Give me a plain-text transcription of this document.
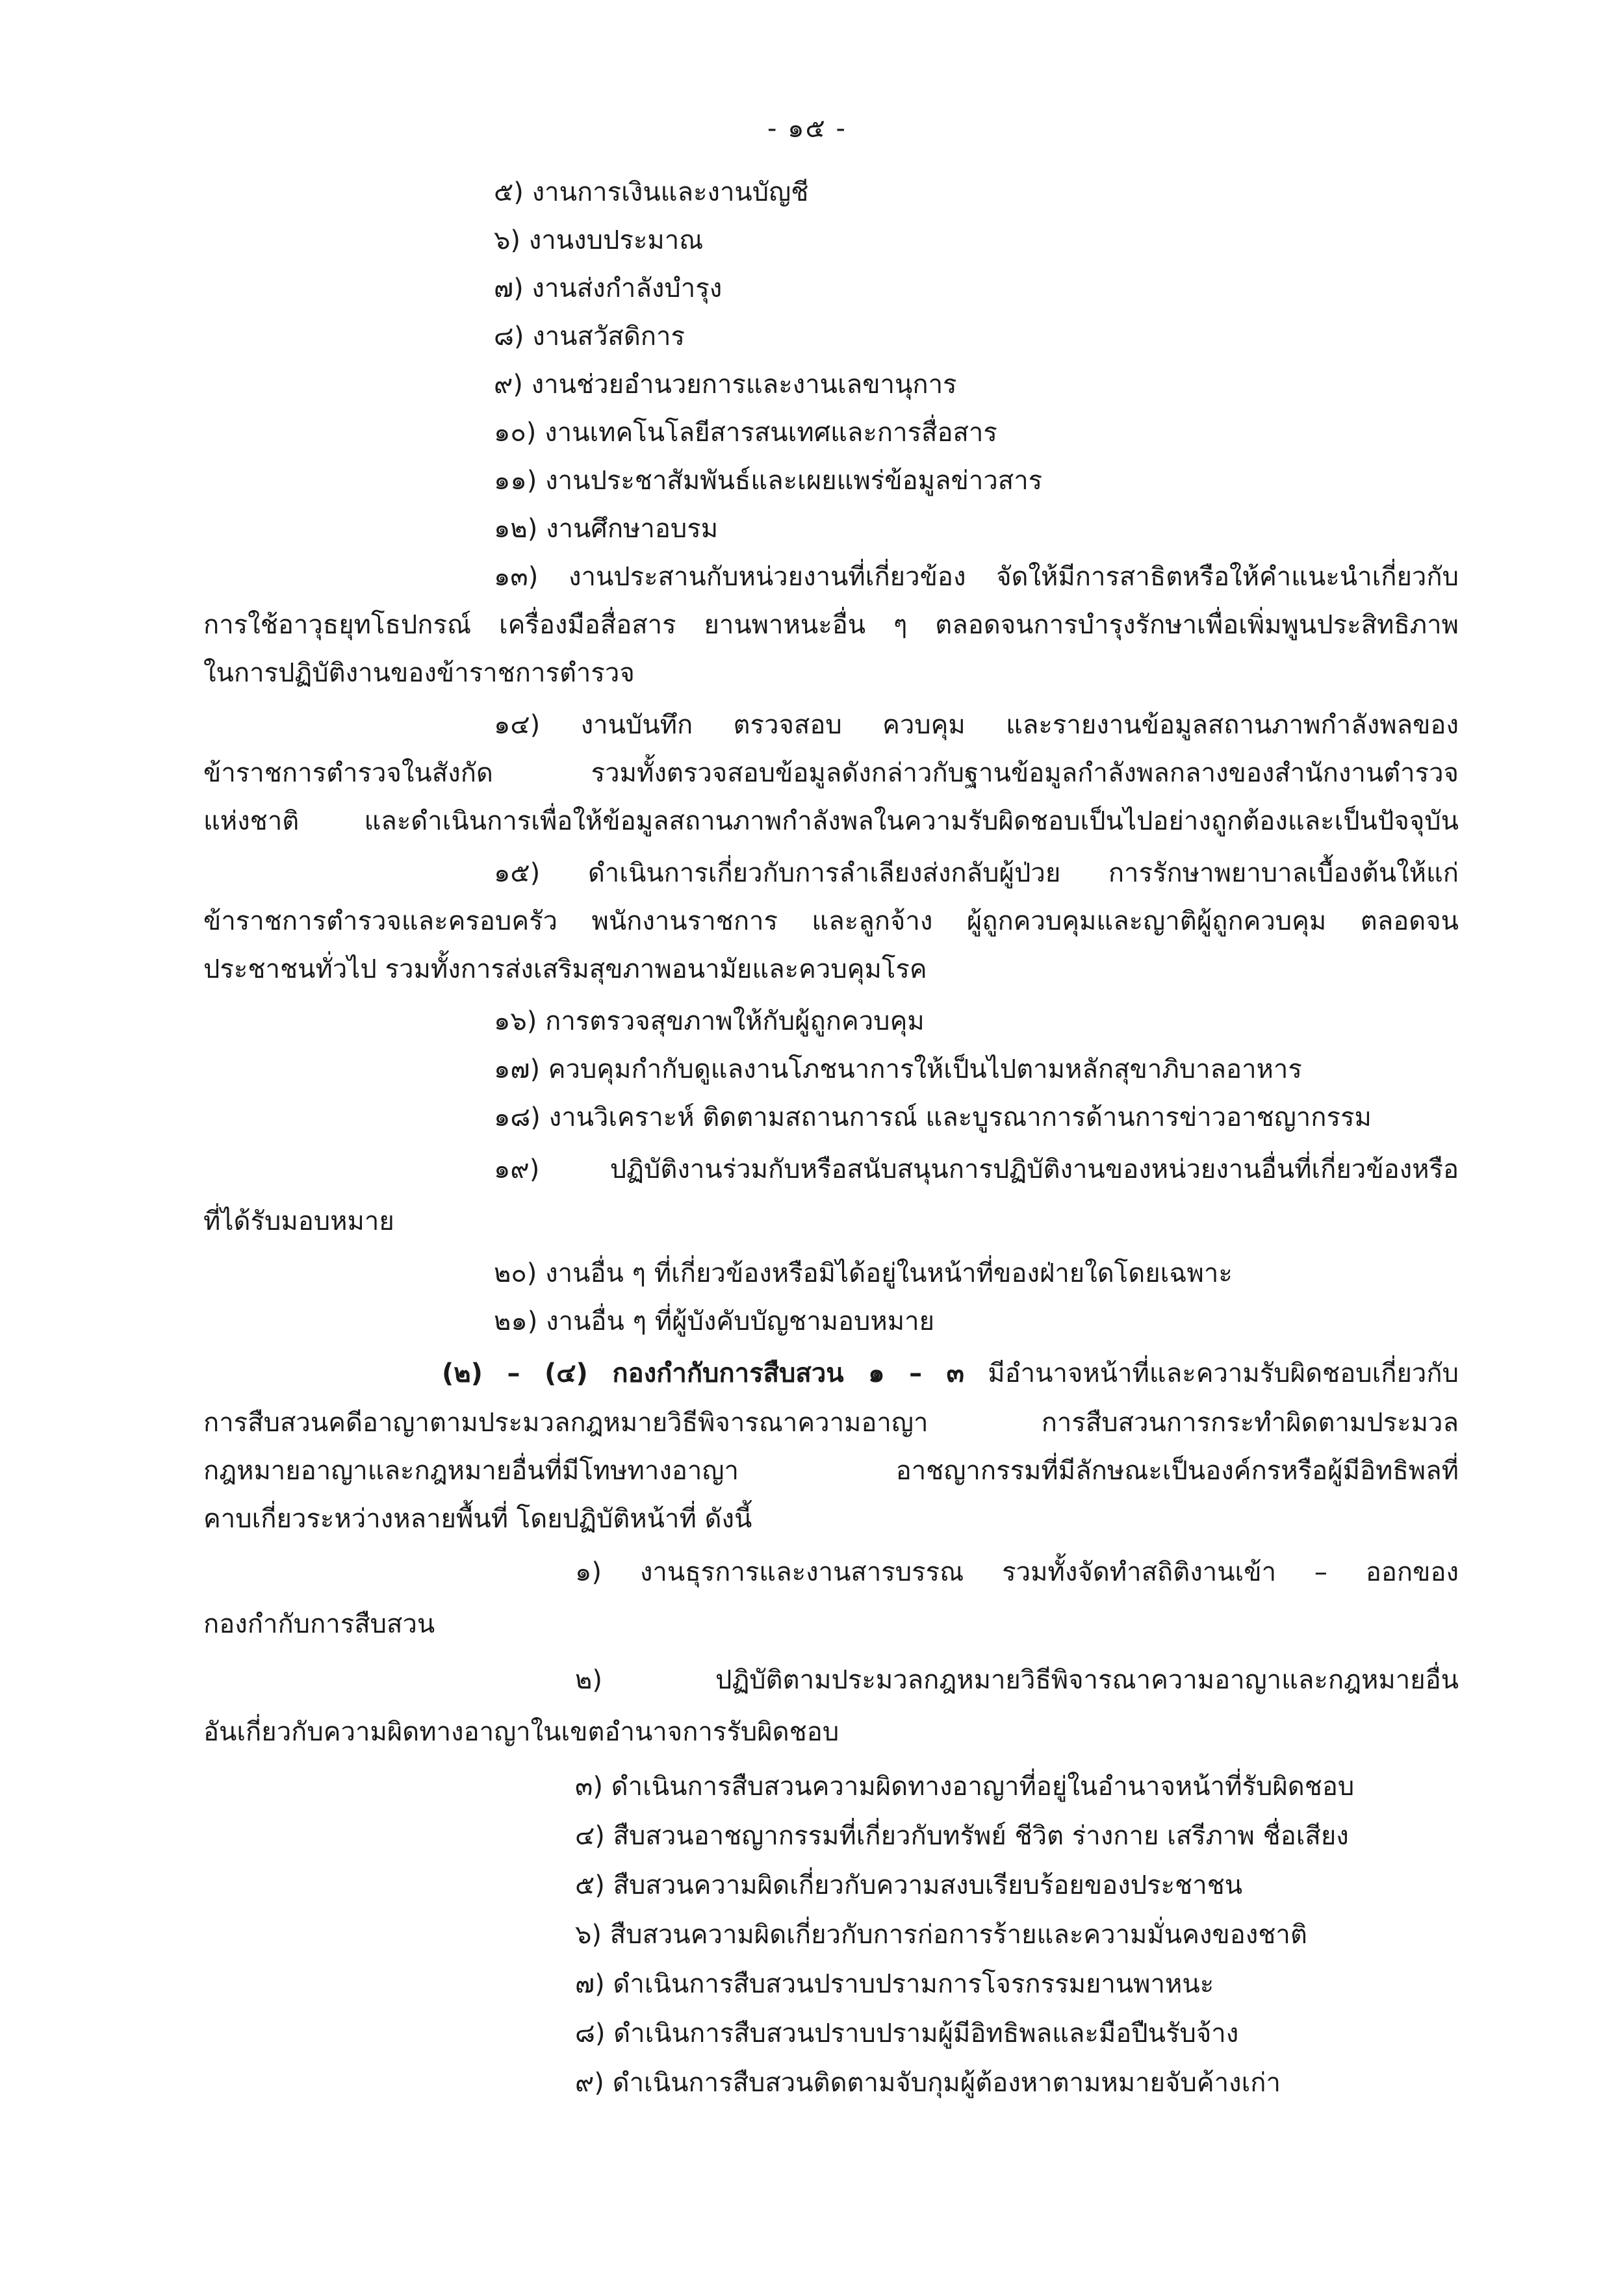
- ๑๕ -
๕) งานการเงินและงานบัญชี
๖) งานงบประมาณ
๗) งานส่งกำลังบำรุง
๘) งานสวัสดิการ
๙) งานช่วยอำนวยการและงานเลขานุการ
๑๐) งานเทคโนโลยีสารสนเทศและการสื่อสาร
๑๑) งานประชาสัมพันธ์และเผยแพร่ข้อมูลข่าวสาร
๑๒) งานศึกษาอบรม
๑๓) งานประสานกับหน่วยงานที่เกี่ยวข้อง จัดให้มีการสาธิตหรือให้คำแนะนำเกี่ยวกับ
การใช้อาวุธยุทโธปกรณ์ เครื่องมือสื่อสาร ยานพาหนะอื่น ๆ ตลอดจนการบำรุงรักษาเพื่อเพิ่มพูนประสิทธิภาพ
ในการปฏิบัติงานของข้าราชการตำรวจ
๑๔) งานบันทึก ตรวจสอบ ควบคุม และรายงานข้อมูลสถานภาพกำลังพลของ
ข้าราชการตำรวจในสังกัด รวมทั้งตรวจสอบข้อมูลดังกล่าวกับฐานข้อมูลกำลังพลกลางของสำนักงานตำรวจ
แห่งชาติ และดำเนินการเพื่อให้ข้อมูลสถานภาพกำลังพลในความรับผิดชอบเป็นไปอย่างถูกต้องและเป็นปัจจุบัน
๑๕) ดำเนินการเกี่ยวกับการลำเลียงส่งกลับผู้ป่วย การรักษาพยาบาลเบื้องต้นให้แก่
ข้าราชการตำรวจและครอบครัว พนักงานราชการ และลูกจ้าง ผู้ถูกควบคุมและญาติผู้ถูกควบคุม ตลอดจน
ประชาชนทั่วไป รวมทั้งการส่งเสริมสุขภาพอนามัยและควบคุมโรค
๑๖) การตรวจสุขภาพให้กับผู้ถูกควบคุม
๑๗) ควบคุมกำกับดูแลงานโภชนาการให้เป็นไปตามหลักสุขาภิบาลอาหาร
๑๘) งานวิเคราะห์ ติดตามสถานการณ์ และบูรณาการด้านการข่าวอาชญากรรม
๑๙) ปฏิบัติงานร่วมกับหรือสนับสนุนการปฏิบัติงานของหน่วยงานอื่นที่เกี่ยวข้องหรือ
ที่ได้รับมอบหมาย
๒๐) งานอื่น ๆ ที่เกี่ยวข้องหรือมิได้อยู่ในหน้าที่ของฝ่ายใดโดยเฉพาะ
๒๑) งานอื่น ๆ ที่ผู้บังคับบัญชามอบหมาย
(๒) – (๔) กองกำกับการสืบสวน ๑ – ๓ มีอำนาจหน้าที่และความรับผิดชอบเกี่ยวกับ
การสืบสวนคดีอาญาตามประมวลกฎหมายวิธีพิจารณาความอาญา การสืบสวนการกระทำผิดตามประมวล
กฎหมายอาญาและกฎหมายอื่นที่มีโทษทางอาญา อาชญากรรมที่มีลักษณะเป็นองค์กรหรือผู้มีอิทธิพลที่
คาบเกี่ยวระหว่างหลายพื้นที่ โดยปฏิบัติหน้าที่ ดังนี้
๑) งานธุรการและงานสารบรรณ รวมทั้งจัดทำสถิติงานเข้า – ออกของ
กองกำกับการสืบสวน
๒) ปฏิบัติตามประมวลกฎหมายวิธีพิจารณาความอาญาและกฎหมายอื่น
อันเกี่ยวกับความผิดทางอาญาในเขตอำนาจการรับผิดชอบ
๓) ดำเนินการสืบสวนความผิดทางอาญาที่อยู่ในอำนาจหน้าที่รับผิดชอบ
๔) สืบสวนอาชญากรรมที่เกี่ยวกับทรัพย์ ชีวิต ร่างกาย เสรีภาพ ชื่อเสียง
๕) สืบสวนความผิดเกี่ยวกับความสงบเรียบร้อยของประชาชน
๖) สืบสวนความผิดเกี่ยวกับการก่อการร้ายและความมั่นคงของชาติ
๗) ดำเนินการสืบสวนปราบปรามการโจรกรรมยานพาหนะ
๘) ดำเนินการสืบสวนปราบปรามผู้มีอิทธิพลและมือปืนรับจ้าง
๙) ดำเนินการสืบสวนติดตามจับกุมผู้ต้องหาตามหมายจับค้างเก่า
